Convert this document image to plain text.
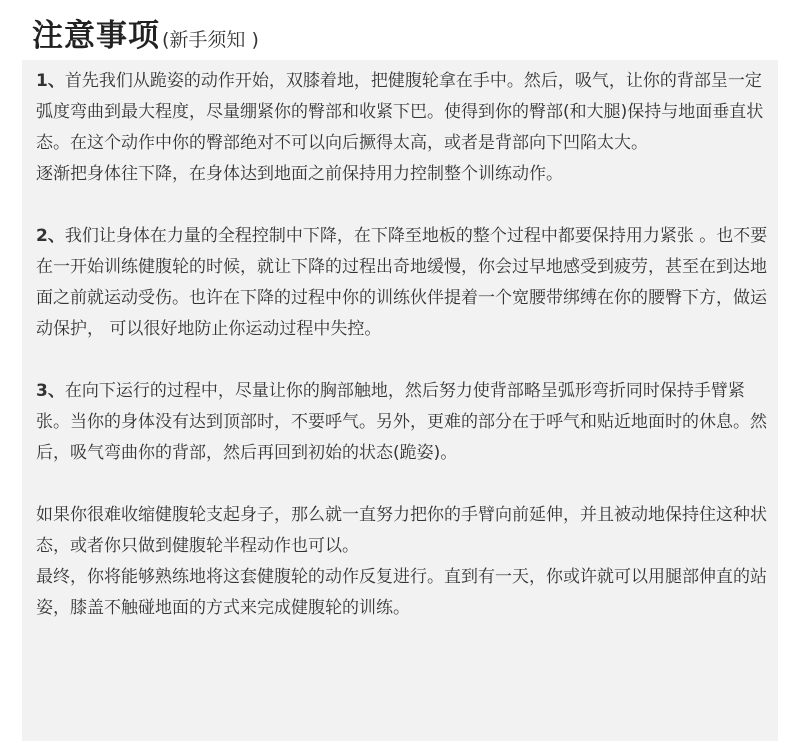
注意事项 (新手须知 )

1、首先我们从跪姿的动作开始，双膝着地，把健腹轮拿在手中。然后，吸气，让你的背部呈一定弧度弯曲到最大程度，尽量绷紧你的臀部和收紧下巴。使得到你的臀部(和大腿)保持与地面垂直状态。在这个动作中你的臀部绝对不可以向后撅得太高，或者是背部向下凹陷太大。

逐渐把身体往下降，在身体达到地面之前保持用力控制整个训练动作。

2、我们让身体在力量的全程控制中下降，在下降至地板的整个过程中都要保持用力紧张 。也不要在一开始训练健腹轮的时候，就让下降的过程出奇地缓慢，你会过早地感受到疲劳，甚至在到达地面之前就运动受伤。也许在下降的过程中你的训练伙伴提着一个宽腰带绑缚在你的腰臀下方，做运动保护， 可以很好地防止你运动过程中失控。

3、在向下运行的过程中，尽量让你的胸部触地，然后努力使背部略呈弧形弯折同时保持手臂紧张。当你的身体没有达到顶部时，不要呼气。另外，更难的部分在于呼气和贴近地面时的休息。然后，吸气弯曲你的背部，然后再回到初始的状态(跪姿)。

如果你很难收缩健腹轮支起身子，那么就一直努力把你的手臂向前延伸，并且被动地保持住这种状态，或者你只做到健腹轮半程动作也可以。

最终，你将能够熟练地将这套健腹轮的动作反复进行。直到有一天，你或许就可以用腿部伸直的站姿，膝盖不触碰地面的方式来完成健腹轮的训练。
